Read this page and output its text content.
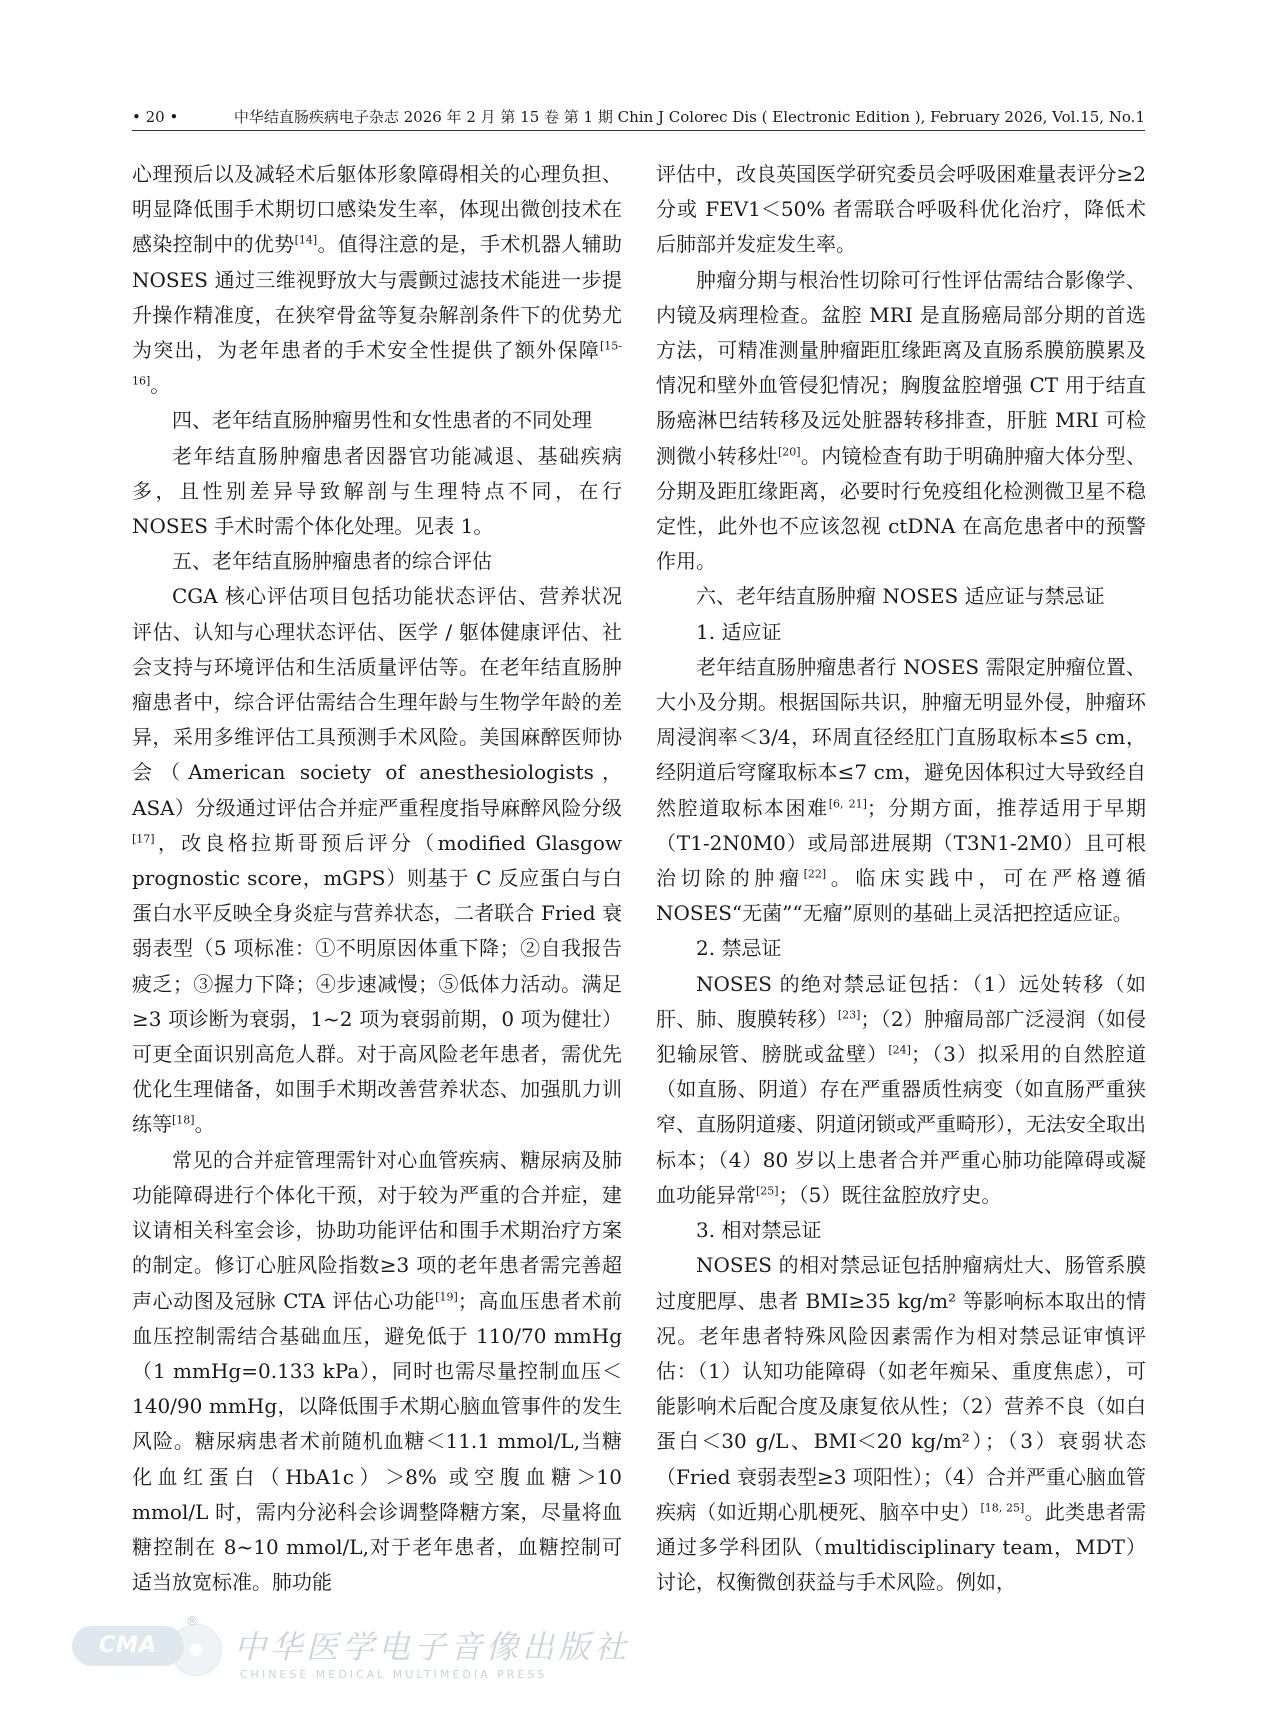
• 20 •	中华结直肠疾病电子杂志 2026 年 2 月 第 15 卷 第 1 期 Chin J Colorec Dis ( Electronic Edition ), February 2026, Vol.15, No.1

心理预后以及减轻术后躯体形象障碍相关的心理负担、明显降低围手术期切口感染发生率，体现出微创技术在感染控制中的优势[14]。值得注意的是，手术机器人辅助 NOSES 通过三维视野放大与震颤过滤技术能进一步提升操作精准度，在狭窄骨盆等复杂解剖条件下的优势尤为突出，为老年患者的手术安全性提供了额外保障[15-16]。

四、老年结直肠肿瘤男性和女性患者的不同处理

老年结直肠肿瘤患者因器官功能减退、基础疾病多，且性别差异导致解剖与生理特点不同，在行 NOSES 手术时需个体化处理。见表 1。

五、老年结直肠肿瘤患者的综合评估

CGA 核心评估项目包括功能状态评估、营养状况评估、认知与心理状态评估、医学 / 躯体健康评估、社会支持与环境评估和生活质量评估等。在老年结直肠肿瘤患者中，综合评估需结合生理年龄与生物学年龄的差异，采用多维评估工具预测手术风险。美国麻醉医师协会（American society of anesthesiologists，ASA）分级通过评估合并症严重程度指导麻醉风险分级[17]，改良格拉斯哥预后评分（modified Glasgow prognostic score，mGPS）则基于 C 反应蛋白与白蛋白水平反映全身炎症与营养状态，二者联合 Fried 衰弱表型（5 项标准：①不明原因体重下降；②自我报告疲乏；③握力下降；④步速减慢；⑤低体力活动。满足≥3 项诊断为衰弱，1~2 项为衰弱前期，0 项为健壮）可更全面识别高危人群。对于高风险老年患者，需优先优化生理储备，如围手术期改善营养状态、加强肌力训练等[18]。

常见的合并症管理需针对心血管疾病、糖尿病及肺功能障碍进行个体化干预，对于较为严重的合并症，建议请相关科室会诊，协助功能评估和围手术期治疗方案的制定。修订心脏风险指数≥3 项的老年患者需完善超声心动图及冠脉 CTA 评估心功能[19]；高血压患者术前血压控制需结合基础血压，避免低于 110/70 mmHg（1 mmHg=0.133 kPa），同时也需尽量控制血压＜140/90 mmHg，以降低围手术期心脑血管事件的发生风险。糖尿病患者术前随机血糖＜11.1 mmol/L,当糖化血红蛋白（HbA1c）＞8% 或空腹血糖＞10 mmol/L 时，需内分泌科会诊调整降糖方案，尽量将血糖控制在 8~10 mmol/L,对于老年患者，血糖控制可适当放宽标准。肺功能

评估中，改良英国医学研究委员会呼吸困难量表评分≥2 分或 FEV1＜50% 者需联合呼吸科优化治疗，降低术后肺部并发症发生率。

肿瘤分期与根治性切除可行性评估需结合影像学、内镜及病理检查。盆腔 MRI 是直肠癌局部分期的首选方法，可精准测量肿瘤距肛缘距离及直肠系膜筋膜累及情况和壁外血管侵犯情况；胸腹盆腔增强 CT 用于结直肠癌淋巴结转移及远处脏器转移排查，肝脏 MRI 可检测微小转移灶[20]。内镜检查有助于明确肿瘤大体分型、分期及距肛缘距离，必要时行免疫组化检测微卫星不稳定性，此外也不应该忽视 ctDNA 在高危患者中的预警作用。

六、老年结直肠肿瘤 NOSES 适应证与禁忌证

1. 适应证

老年结直肠肿瘤患者行 NOSES 需限定肿瘤位置、大小及分期。根据国际共识，肿瘤无明显外侵，肿瘤环周浸润率＜3/4，环周直径经肛门直肠取标本≤5 cm，经阴道后穹窿取标本≤7 cm，避免因体积过大导致经自然腔道取标本困难[6, 21]；分期方面，推荐适用于早期（T1-2N0M0）或局部进展期（T3N1-2M0）且可根治切除的肿瘤[22]。临床实践中，可在严格遵循 NOSES“无菌”“无瘤”原则的基础上灵活把控适应证。

2. 禁忌证

NOSES 的绝对禁忌证包括：（1）远处转移（如肝、肺、腹膜转移）[23]；（2）肿瘤局部广泛浸润（如侵犯输尿管、膀胱或盆壁）[24]；（3）拟采用的自然腔道（如直肠、阴道）存在严重器质性病变（如直肠严重狭窄、直肠阴道瘘、阴道闭锁或严重畸形），无法安全取出标本；（4）80 岁以上患者合并严重心肺功能障碍或凝血功能异常[25]；（5）既往盆腔放疗史。

3. 相对禁忌证

NOSES 的相对禁忌证包括肿瘤病灶大、肠管系膜过度肥厚、患者 BMI≥35 kg/m² 等影响标本取出的情况。老年患者特殊风险因素需作为相对禁忌证审慎评估：（1）认知功能障碍（如老年痴呆、重度焦虑），可能影响术后配合度及康复依从性；（2）营养不良（如白蛋白＜30 g/L、BMI＜20 kg/m²）；（3）衰弱状态（Fried 衰弱表型≥3 项阳性）；（4）合并严重心脑血管疾病（如近期心肌梗死、脑卒中史）[18, 25]。此类患者需通过多学科团队（multidisciplinary team，MDT）讨论，权衡微创获益与手术风险。例如，

CMA
®
中华医学电子音像出版社
CHINESE MEDICAL MULTIMEDIA PRESS
